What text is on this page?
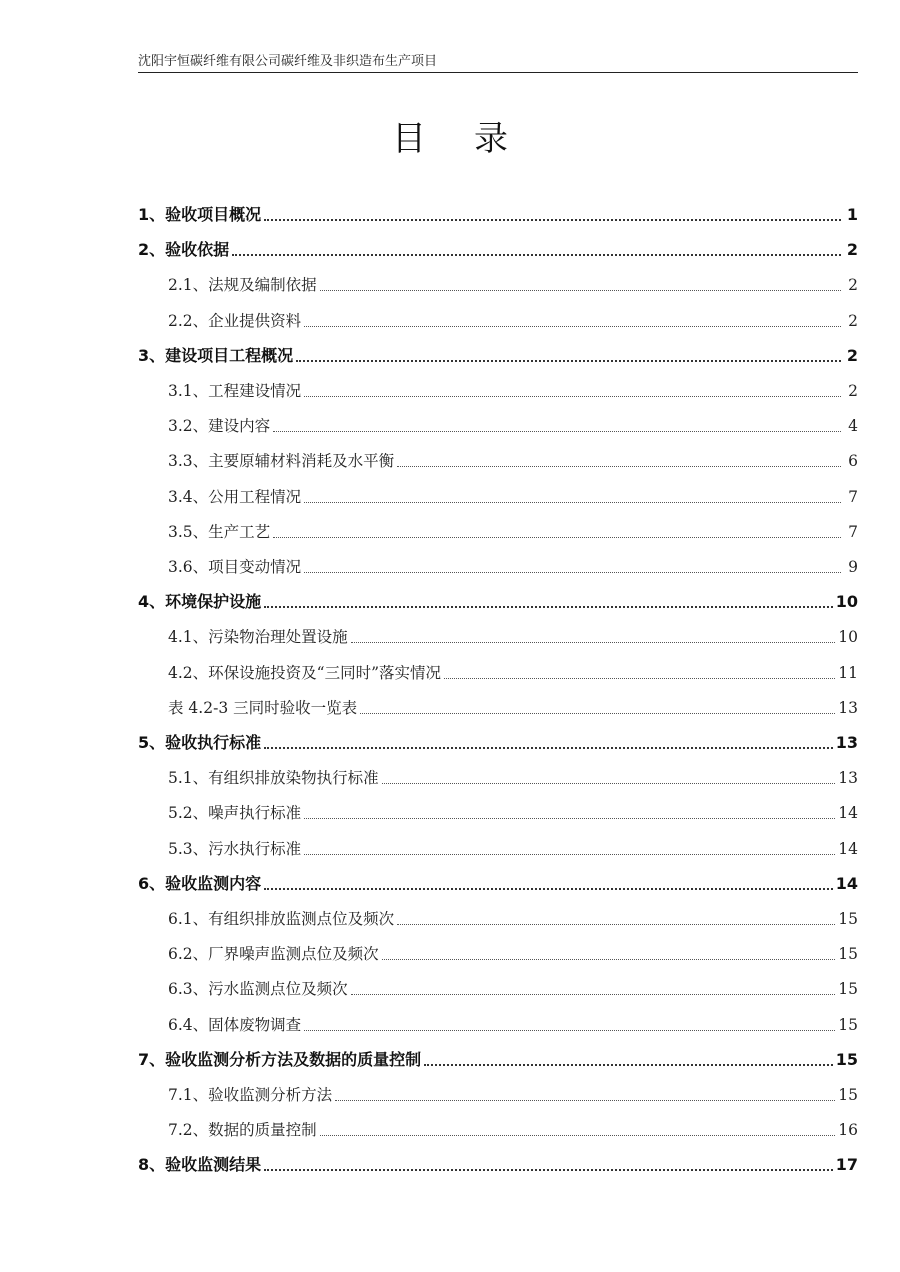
沈阳宇恒碳纤维有限公司碳纤维及非织造布生产项目
目录
1、验收项目概况	1
2、验收依据	2
2.1、法规及编制依据	2
2.2、企业提供资料	2
3、建设项目工程概况	2
3.1、工程建设情况	2
3.2、建设内容	4
3.3、主要原辅材料消耗及水平衡	6
3.4、公用工程情况	7
3.5、生产工艺	7
3.6、项目变动情况	9
4、环境保护设施	10
4.1、污染物治理处置设施	10
4.2、环保设施投资及“三同时”落实情况	11
表 4.2-3 三同时验收一览表	13
5、验收执行标准	13
5.1、有组织排放染物执行标准	13
5.2、噪声执行标准	14
5.3、污水执行标准	14
6、验收监测内容	14
6.1、有组织排放监测点位及频次	15
6.2、厂界噪声监测点位及频次	15
6.3、污水监测点位及频次	15
6.4、固体废物调查	15
7、验收监测分析方法及数据的质量控制	15
7.1、验收监测分析方法	15
7.2、数据的质量控制	16
8、验收监测结果	17
